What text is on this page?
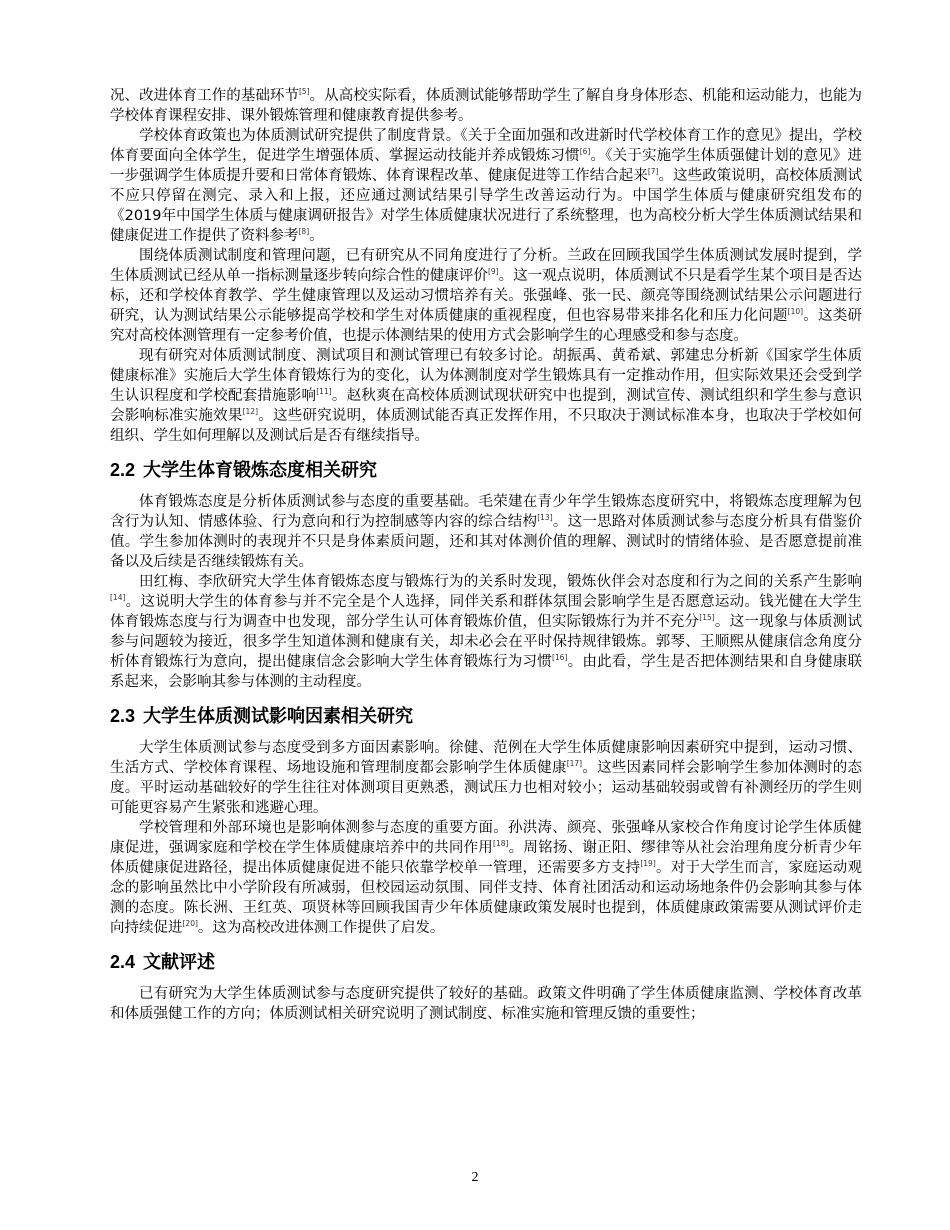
况、改进体育工作的基础环节[5]。从高校实际看，体质测试能够帮助学生了解自身身体形态、机能和运动能力，也能为学校体育课程安排、课外锻炼管理和健康教育提供参考。

学校体育政策也为体质测试研究提供了制度背景。《关于全面加强和改进新时代学校体育工作的意见》提出，学校体育要面向全体学生，促进学生增强体质、掌握运动技能并养成锻炼习惯[6]。《关于实施学生体质强健计划的意见》进一步强调学生体质提升要和日常体育锻炼、体育课程改革、健康促进等工作结合起来[7]。这些政策说明，高校体质测试不应只停留在测完、录入和上报，还应通过测试结果引导学生改善运动行为。中国学生体质与健康研究组发布的《2019年中国学生体质与健康调研报告》对学生体质健康状况进行了系统整理，也为高校分析大学生体质测试结果和健康促进工作提供了资料参考[8]。

围绕体质测试制度和管理问题，已有研究从不同角度进行了分析。兰政在回顾我国学生体质测试发展时提到，学生体质测试已经从单一指标测量逐步转向综合性的健康评价[9]。这一观点说明，体质测试不只是看学生某个项目是否达标，还和学校体育教学、学生健康管理以及运动习惯培养有关。张强峰、张一民、颜亮等围绕测试结果公示问题进行研究，认为测试结果公示能够提高学校和学生对体质健康的重视程度，但也容易带来排名化和压力化问题[10]。这类研究对高校体测管理有一定参考价值，也提示体测结果的使用方式会影响学生的心理感受和参与态度。

现有研究对体质测试制度、测试项目和测试管理已有较多讨论。胡振禹、黄希斌、郭建忠分析新《国家学生体质健康标准》实施后大学生体育锻炼行为的变化，认为体测制度对学生锻炼具有一定推动作用，但实际效果还会受到学生认识程度和学校配套措施影响[11]。赵秋爽在高校体质测试现状研究中也提到，测试宣传、测试组织和学生参与意识会影响标准实施效果[12]。这些研究说明，体质测试能否真正发挥作用，不只取决于测试标准本身，也取决于学校如何组织、学生如何理解以及测试后是否有继续指导。

2.2 大学生体育锻炼态度相关研究

体育锻炼态度是分析体质测试参与态度的重要基础。毛荣建在青少年学生锻炼态度研究中，将锻炼态度理解为包含行为认知、情感体验、行为意向和行为控制感等内容的综合结构[13]。这一思路对体质测试参与态度分析具有借鉴价值。学生参加体测时的表现并不只是身体素质问题，还和其对体测价值的理解、测试时的情绪体验、是否愿意提前准备以及后续是否继续锻炼有关。

田红梅、李欣研究大学生体育锻炼态度与锻炼行为的关系时发现，锻炼伙伴会对态度和行为之间的关系产生影响[14]。这说明大学生的体育参与并不完全是个人选择，同伴关系和群体氛围会影响学生是否愿意运动。钱光健在大学生体育锻炼态度与行为调查中也发现，部分学生认可体育锻炼价值，但实际锻炼行为并不充分[15]。这一现象与体质测试参与问题较为接近，很多学生知道体测和健康有关，却未必会在平时保持规律锻炼。郭琴、王顺熙从健康信念角度分析体育锻炼行为意向，提出健康信念会影响大学生体育锻炼行为习惯[16]。由此看，学生是否把体测结果和自身健康联系起来，会影响其参与体测的主动程度。

2.3 大学生体质测试影响因素相关研究

大学生体质测试参与态度受到多方面因素影响。徐健、范例在大学生体质健康影响因素研究中提到，运动习惯、生活方式、学校体育课程、场地设施和管理制度都会影响学生体质健康[17]。这些因素同样会影响学生参加体测时的态度。平时运动基础较好的学生往往对体测项目更熟悉，测试压力也相对较小；运动基础较弱或曾有补测经历的学生则可能更容易产生紧张和逃避心理。

学校管理和外部环境也是影响体测参与态度的重要方面。孙洪涛、颜亮、张强峰从家校合作角度讨论学生体质健康促进，强调家庭和学校在学生体质健康培养中的共同作用[18]。周铭扬、谢正阳、缪律等从社会治理角度分析青少年体质健康促进路径，提出体质健康促进不能只依靠学校单一管理，还需要多方支持[19]。对于大学生而言，家庭运动观念的影响虽然比中小学阶段有所减弱，但校园运动氛围、同伴支持、体育社团活动和运动场地条件仍会影响其参与体测的态度。陈长洲、王红英、项贤林等回顾我国青少年体质健康政策发展时也提到，体质健康政策需要从测试评价走向持续促进[20]。这为高校改进体测工作提供了启发。

2.4 文献评述

已有研究为大学生体质测试参与态度研究提供了较好的基础。政策文件明确了学生体质健康监测、学校体育改革和体质强健工作的方向；体质测试相关研究说明了测试制度、标准实施和管理反馈的重要性；

2
